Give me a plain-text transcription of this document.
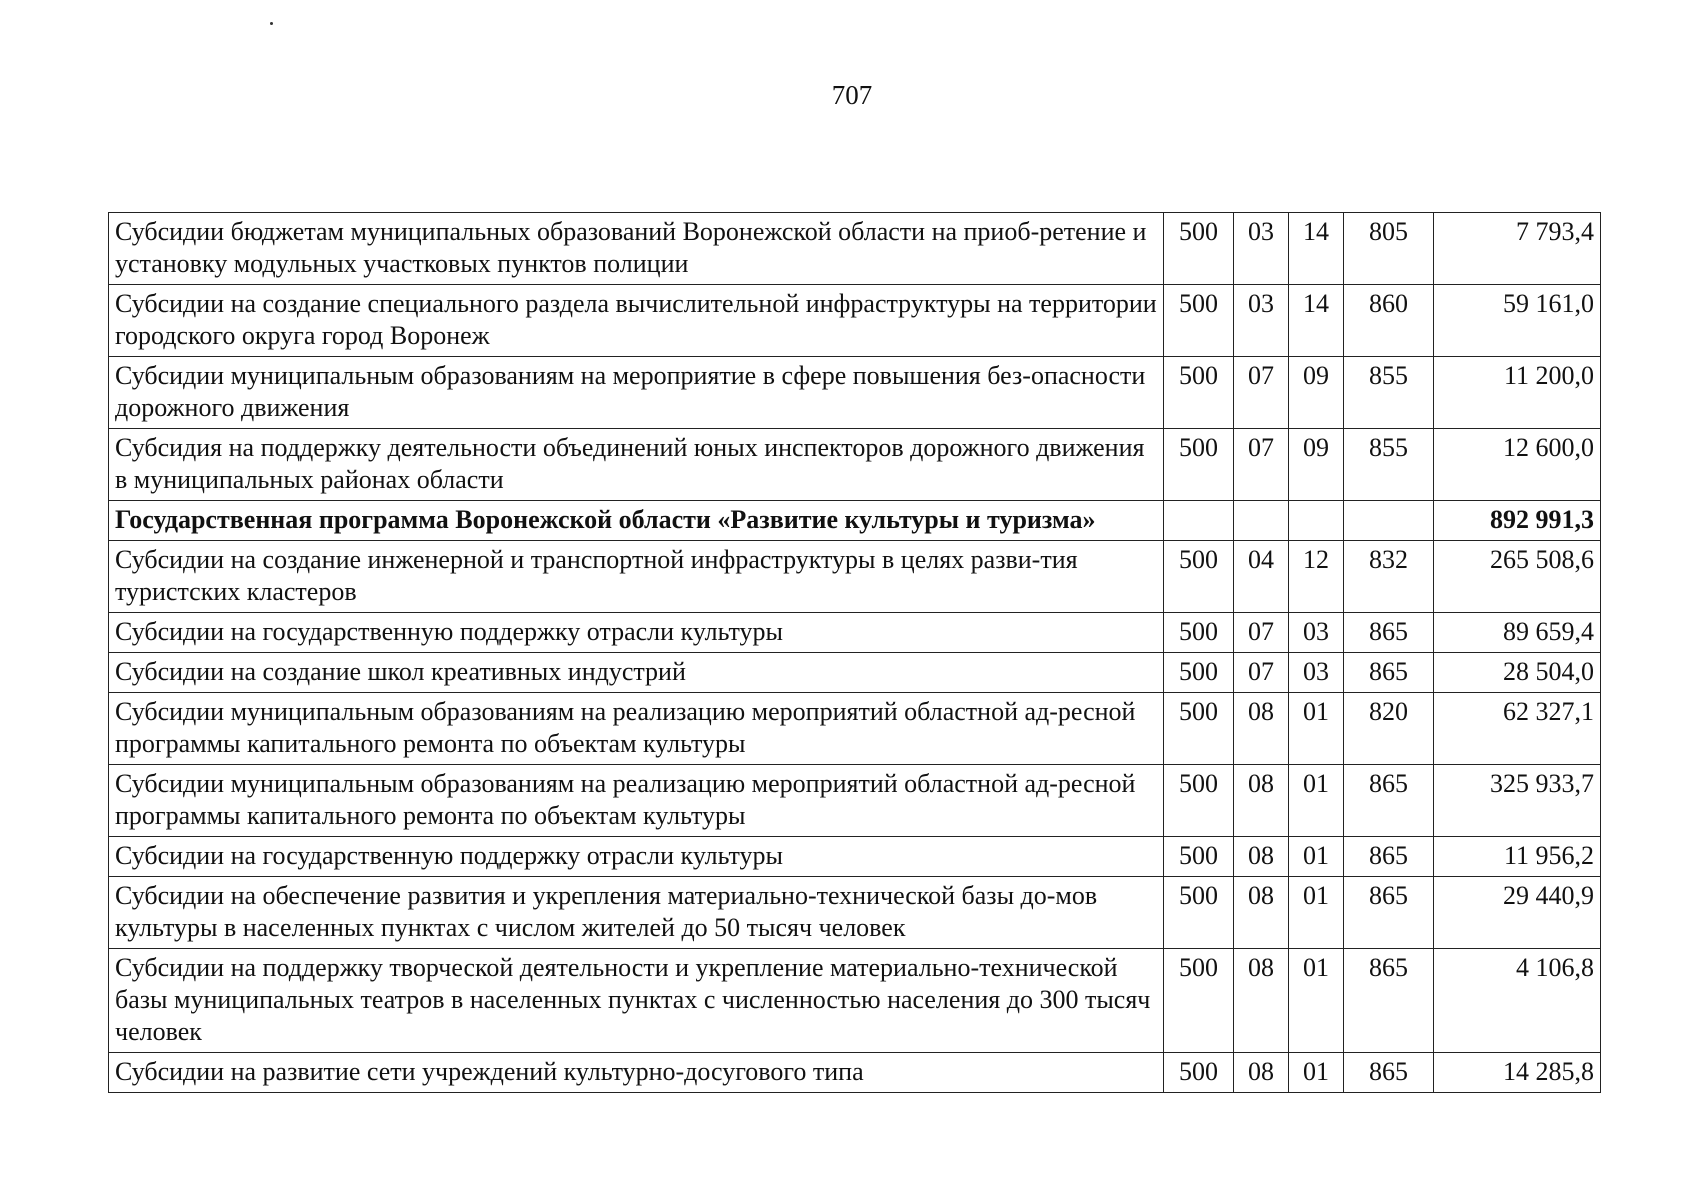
707
Субсидии бюджетам муниципальных образований Воронежской области на приоб-ретение и установку модульных участковых пунктов полиции	500	03	14	805	7 793,4
Субсидии на создание специального раздела вычислительной инфраструктуры на территории городского округа город Воронеж	500	03	14	860	59 161,0
Субсидии муниципальным образованиям на мероприятие в сфере повышения без-опасности дорожного движения	500	07	09	855	11 200,0
Субсидия на поддержку деятельности объединений юных инспекторов дорожного движения в муниципальных районах области	500	07	09	855	12 600,0
Государственная программа Воронежской области «Развитие культуры и туризма»					892 991,3
Субсидии на создание инженерной и транспортной инфраструктуры в целях разви-тия туристских кластеров	500	04	12	832	265 508,6
Субсидии на государственную поддержку отрасли культуры	500	07	03	865	89 659,4
Субсидии на создание школ креативных индустрий	500	07	03	865	28 504,0
Субсидии муниципальным образованиям на реализацию мероприятий областной ад-ресной программы капитального ремонта по объектам культуры	500	08	01	820	62 327,1
Субсидии муниципальным образованиям на реализацию мероприятий областной ад-ресной программы капитального ремонта по объектам культуры	500	08	01	865	325 933,7
Субсидии на государственную поддержку отрасли культуры	500	08	01	865	11 956,2
Субсидии на обеспечение развития и укрепления материально-технической базы до-мов культуры в населенных пунктах с числом жителей до 50 тысяч человек	500	08	01	865	29 440,9
Субсидии на поддержку творческой деятельности и укрепление материально-технической базы муниципальных театров в населенных пунктах с численностью населения до 300 тысяч человек	500	08	01	865	4 106,8
Субсидии на развитие сети учреждений культурно-досугового типа	500	08	01	865	14 285,8
